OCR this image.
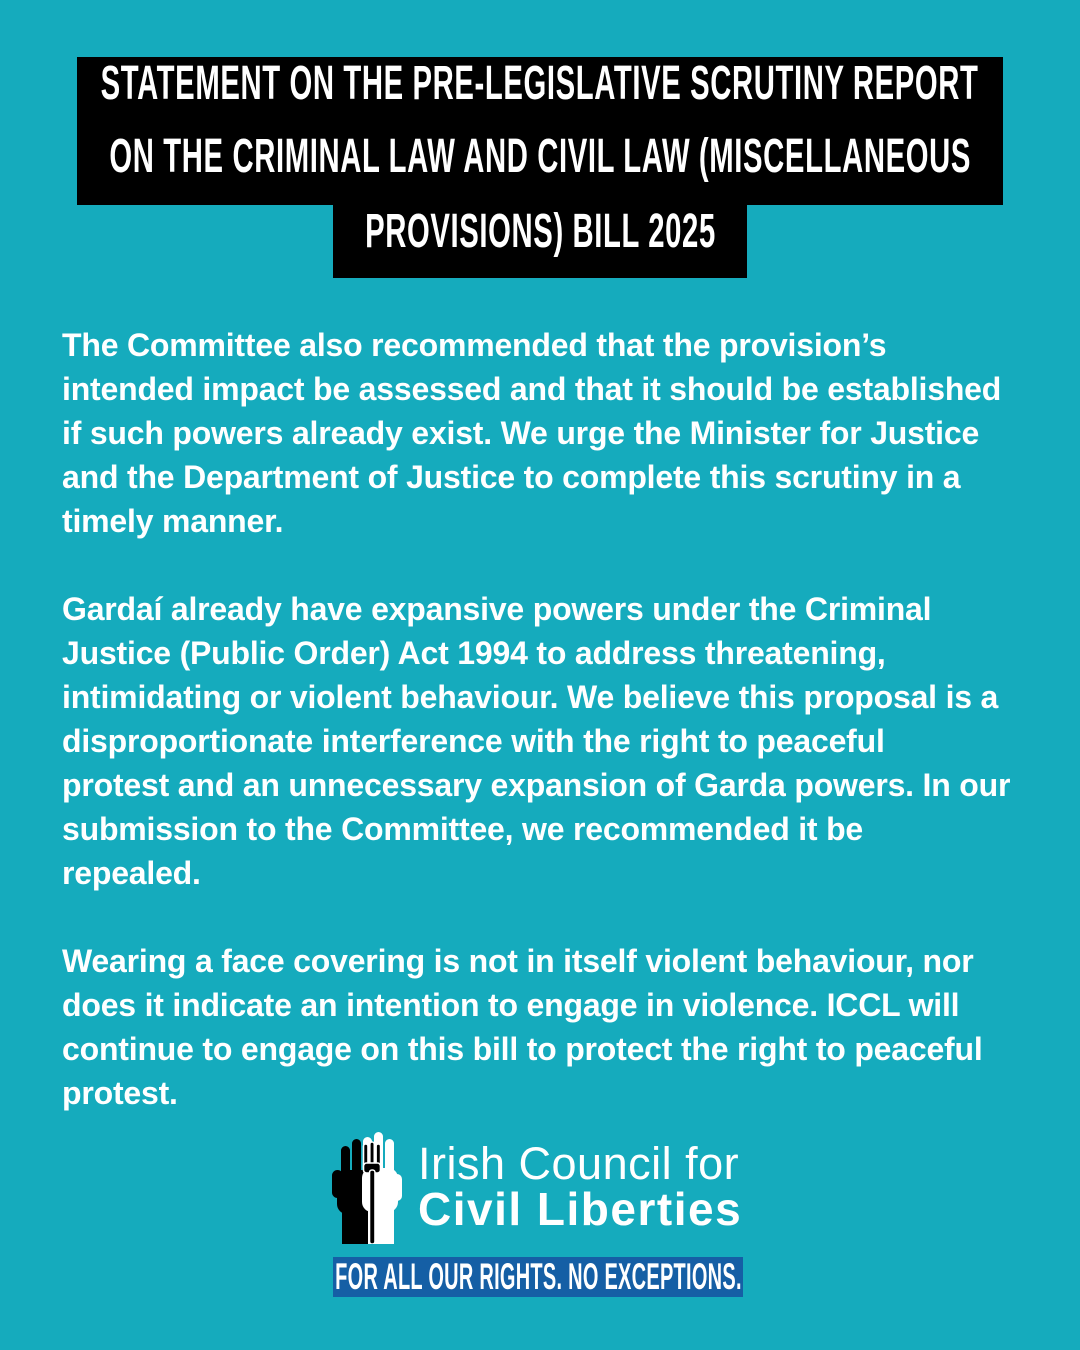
STATEMENT ON THE PRE-LEGISLATIVE SCRUTINY REPORT
ON THE CRIMINAL LAW AND CIVIL LAW (MISCELLANEOUS
PROVISIONS) BILL 2025
The Committee also recommended that the provision’s
intended impact be assessed and that it should be established
if such powers already exist. We urge the Minister for Justice
and the Department of Justice to complete this scrutiny in a
timely manner.
Gardaí already have expansive powers under the Criminal
Justice (Public Order) Act 1994 to address threatening,
intimidating or violent behaviour. We believe this proposal is a
disproportionate interference with the right to peaceful
protest and an unnecessary expansion of Garda powers. In our
submission to the Committee, we recommended it be
repealed.
Wearing a face covering is not in itself violent behaviour, nor
does it indicate an intention to engage in violence. ICCL will
continue to engage on this bill to protect the right to peaceful
protest.
Irish Council for
Civil Liberties
FOR ALL OUR RIGHTS. NO EXCEPTIONS.
